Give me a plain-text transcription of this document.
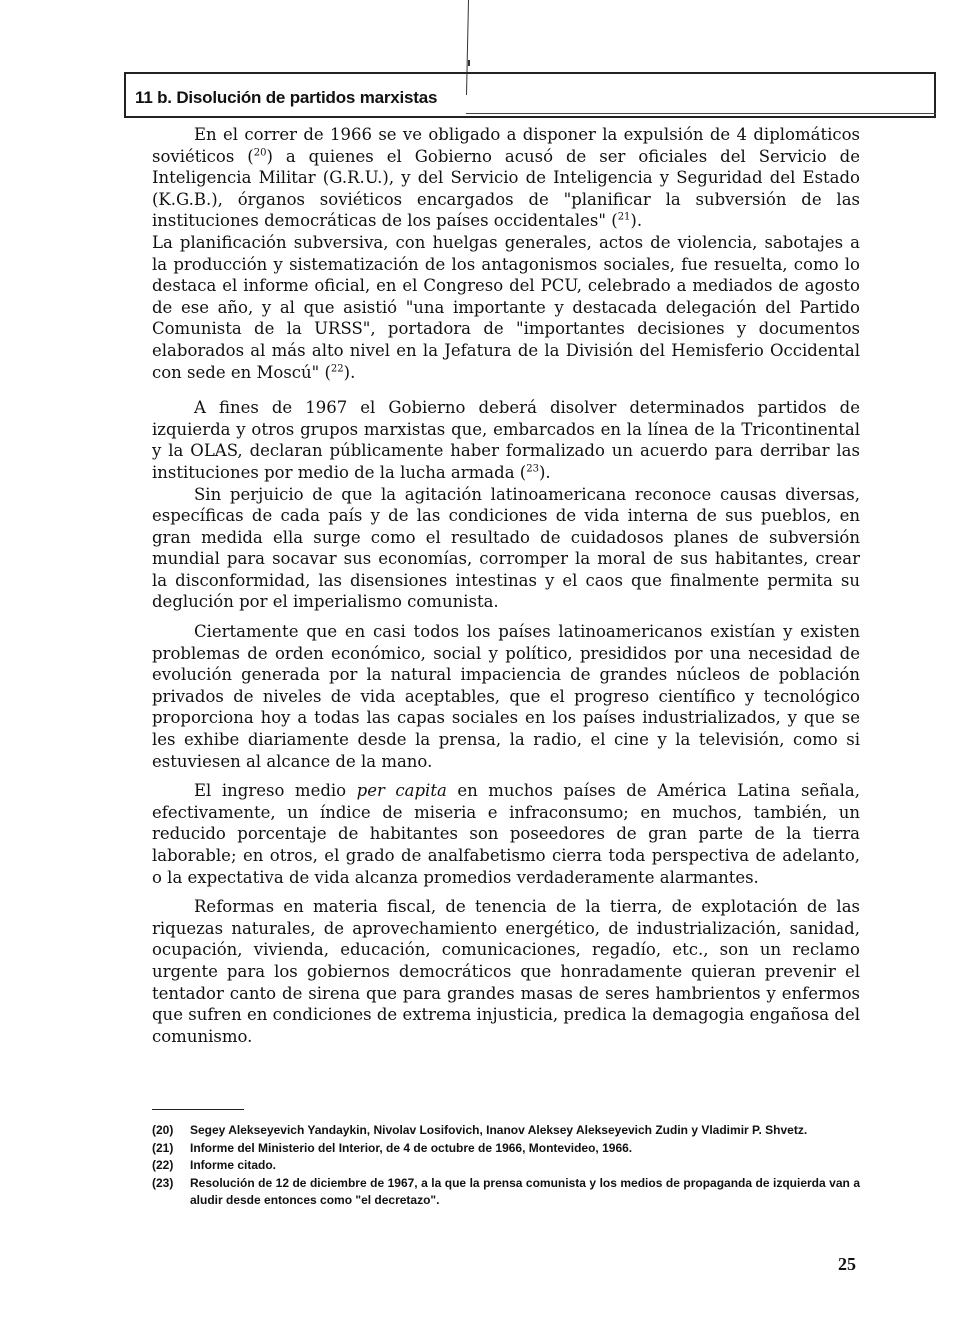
11 b. Disolución de partidos marxistas

En el correr de 1966 se ve obligado a disponer la expulsión de 4 diplomáticos soviéticos ($^{20}$) a quienes el Gobierno acusó de ser oficiales del Servicio de Inteligencia Militar (G.R.U.), y del Servicio de Inteligencia y Seguridad del Estado (K.G.B.), órganos soviéticos encargados de "planificar la subversión de las instituciones democráticas de los países occidentales" ($^{21}$).

La planificación subversiva, con huelgas generales, actos de violencia, sabotajes a la producción y sistematización de los antagonismos sociales, fue resuelta, como lo destaca el informe oficial, en el Congreso del PCU, celebrado a mediados de agosto de ese año, y al que asistió "una importante y destacada delegación del Partido Comunista de la URSS", portadora de "importantes decisiones y documentos elaborados al más alto nivel en la Jefatura de la División del Hemisferio Occidental con sede en Moscú" ($^{22}$).

A fines de 1967 el Gobierno deberá disolver determinados partidos de izquierda y otros grupos marxistas que, embarcados en la línea de la Tricontinental y la OLAS, declaran públicamente haber formalizado un acuerdo para derribar las instituciones por medio de la lucha armada ($^{23}$).

Sin perjuicio de que la agitación latinoamericana reconoce causas diversas, específicas de cada país y de las condiciones de vida interna de sus pueblos, en gran medida ella surge como el resultado de cuidadosos planes de subversión mundial para socavar sus economías, corromper la moral de sus habitantes, crear la disconformidad, las disensiones intestinas y el caos que finalmente permita su deglución por el imperialismo comunista.

Ciertamente que en casi todos los países latinoamericanos existían y existen problemas de orden económico, social y político, presididos por una necesidad de evolución generada por la natural impaciencia de grandes núcleos de población privados de niveles de vida aceptables, que el progreso científico y tecnológico proporciona hoy a todas las capas sociales en los países industrializados, y que se les exhibe diariamente desde la prensa, la radio, el cine y la televisión, como si estuviesen al alcance de la mano.

El ingreso medio per capita en muchos países de América Latina señala, efectivamente, un índice de miseria e infraconsumo; en muchos, también, un reducido porcentaje de habitantes son poseedores de gran parte de la tierra laborable; en otros, el grado de analfabetismo cierra toda perspectiva de adelanto, o la expectativa de vida alcanza promedios verdaderamente alarmantes.

Reformas en materia fiscal, de tenencia de la tierra, de explotación de las riquezas naturales, de aprovechamiento energético, de industrialización, sanidad, ocupación, vivienda, educación, comunicaciones, regadío, etc., son un reclamo urgente para los gobiernos democráticos que honradamente quieran prevenir el tentador canto de sirena que para grandes masas de seres hambrientos y enfermos que sufren en condiciones de extrema injusticia, predica la demagogia engañosa del comunismo.

(20)	Segey Alekseyevich Yandaykin, Nivolav Losifovich, Inanov Aleksey Alekseyevich Zudin y Vladimir P. Shvetz.
(21)	Informe del Ministerio del Interior, de 4 de octubre de 1966, Montevideo, 1966.
(22)	Informe citado.
(23)	Resolución de 12 de diciembre de 1967, a la que la prensa comunista y los medios de propaganda de izquierda van a aludir desde entonces como "el decretazo".
25
